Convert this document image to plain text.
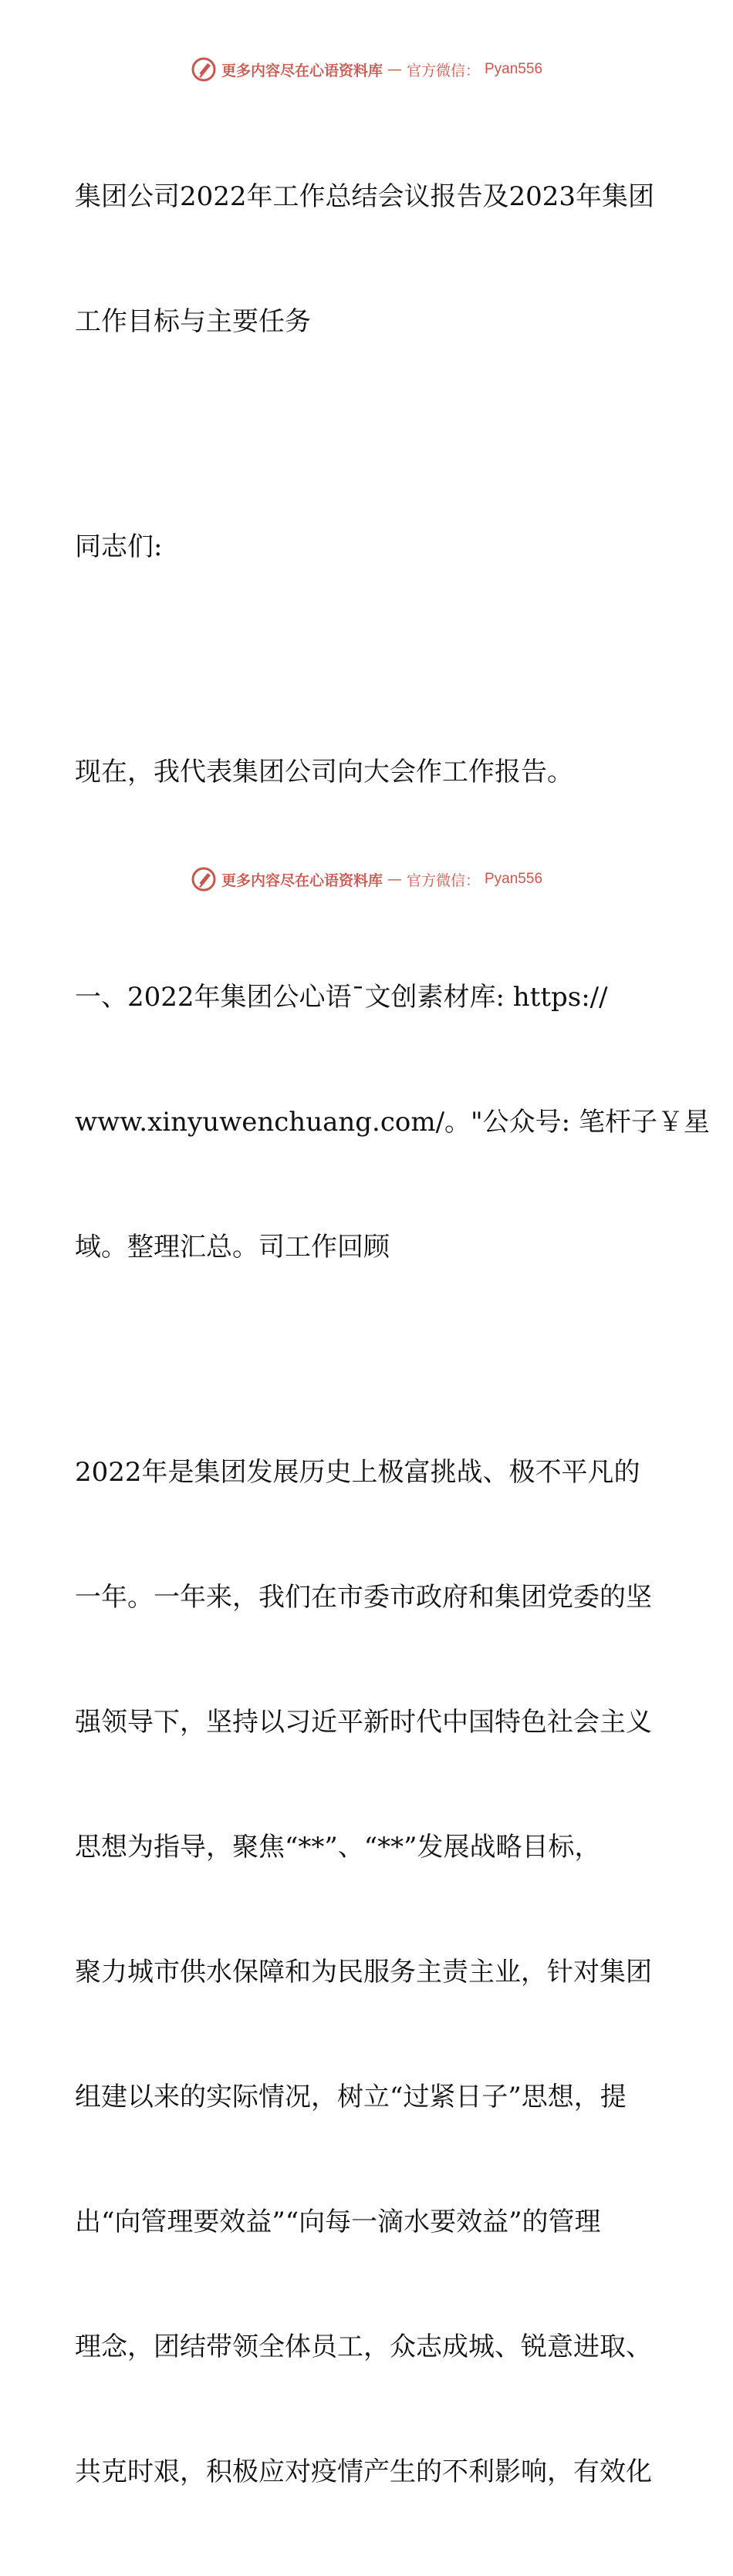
更多内容尽在心语资料库 — 官方微信： Pyan556

集团公司2022年工作总结会议报告及2023年集团

工作目标与主要任务

同志们:

现在，我代表集团公司向大会作工作报告。

一、2022年集团公心语¯文创素材库: https://

www.xinyuwenchuang.com/。"公众号: 笔杆子￥星

域。整理汇总。司工作回顾

2022年是集团发展历史上极富挑战、极不平凡的

一年。一年来，我们在市委市政府和集团党委的坚

强领导下，坚持以习近平新时代中国特色社会主义

思想为指导，聚焦“**”、“**”发展战略目标，

聚力城市供水保障和为民服务主责主业，针对集团

组建以来的实际情况，树立“过紧日子”思想，提

出“向管理要效益”“向每一滴水要效益”的管理

理念，团结带领全体员工，众志成城、锐意进取、

共克时艰，积极应对疫情产生的不利影响，有效化

更多内容尽在心语资料库 — 官方微信： Pyan556
